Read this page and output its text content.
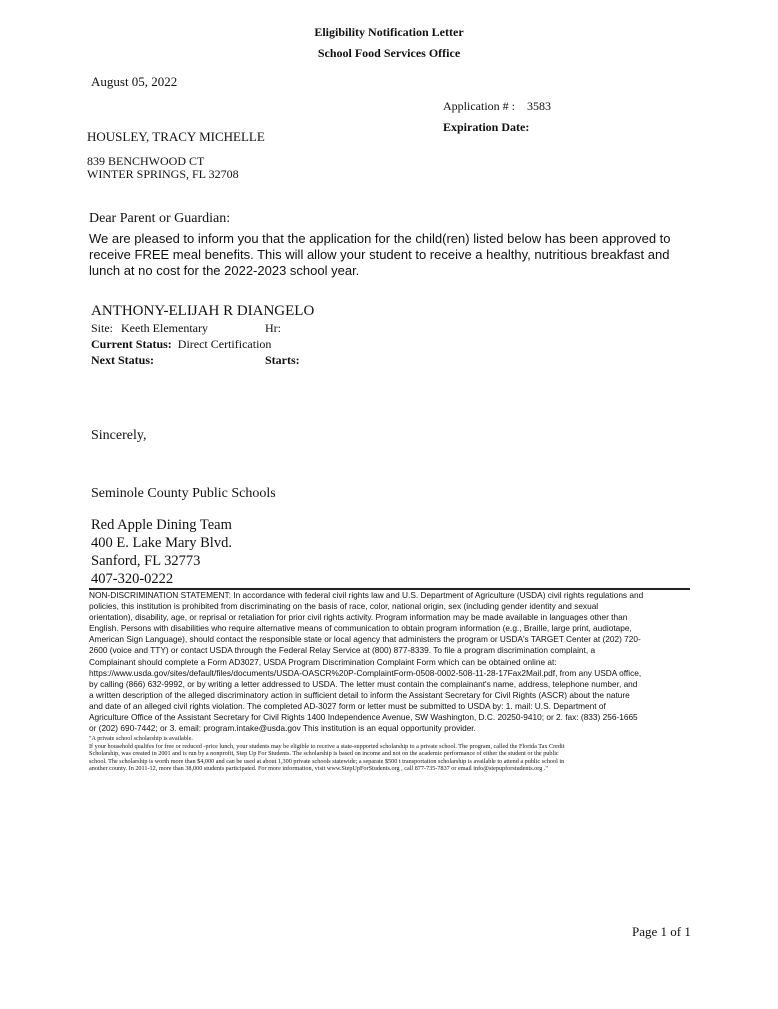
Eligibility Notification Letter
School Food Services Office
August 05, 2022
Application # : 3583
Expiration Date:
HOUSLEY, TRACY MICHELLE
839 BENCHWOOD CT
WINTER SPRINGS, FL 32708
Dear Parent or Guardian:
We are pleased to inform you that the application for the child(ren) listed below has been approved to receive FREE meal benefits. This will allow your student to receive a healthy, nutritious breakfast and lunch at no cost for the 2022-2023 school year.
ANTHONY-ELIJAH R DIANGELO
Site: Keeth Elementary	Hr:
Current Status: Direct Certification
Next Status:	Starts:
Sincerely,
Seminole County Public Schools
Red Apple Dining Team
400 E. Lake Mary Blvd.
Sanford, FL 32773
407-320-0222
NON-DISCRIMINATION STATEMENT: In accordance with federal civil rights law and U.S. Department of Agriculture (USDA) civil rights regulations and
policies, this institution is prohibited from discriminating on the basis of race, color, national origin, sex (including gender identity and sexual
orientation), disability, age, or reprisal or retaliation for prior civil rights activity. Program information may be made available in languages other than
English. Persons with disabilities who require alternative means of communication to obtain program information (e.g., Braille, large print, audiotape,
American Sign Language), should contact the responsible state or local agency that administers the program or USDA's TARGET Center at (202) 720-
2600 (voice and TTY) or contact USDA through the Federal Relay Service at (800) 877-8339. To file a program discrimination complaint, a
Complainant should complete a Form AD3027, USDA Program Discrimination Complaint Form which can be obtained online at:
https://www.usda.gov/sites/default/files/documents/USDA-OASCR%20P-ComplaintForm-0508-0002-508-11-28-17Fax2Mail.pdf, from any USDA office,
by calling (866) 632-9992, or by writing a letter addressed to USDA. The letter must contain the complainant's name, address, telephone number, and
a written description of the alleged discriminatory action in sufficient detail to inform the Assistant Secretary for Civil Rights (ASCR) about the nature
and date of an alleged civil rights violation. The completed AD-3027 form or letter must be submitted to USDA by: 1. mail: U.S. Department of
Agriculture Office of the Assistant Secretary for Civil Rights 1400 Independence Avenue, SW Washington, D.C. 20250-9410; or 2. fax: (833) 256-1665
or (202) 690-7442; or 3. email: program.intake@usda.gov This institution is an equal opportunity provider.
"A private school scholarship is available.
If your household qualifes for free or reduced -price lunch, your students may be eligible to receive a state-supported scholarship to a private school. The program, called the Florida Tax Credit
Scholarship, was created in 2001 and is run by a nonprofit, Step Up For Students. The scholarship is based on income and not on the academic performance of either the student or the public
school. The scholarship is worth more than $4,000 and can be used at about 1,300 private schools statewide; a separate $500 t transportation scholarship is available to attend a public school in
another county. In 2011-12, more than 38,000 students participated. For more information, visit www.StepUpForStudents.org , call 877-735-7837 or email info@stepupforstudents.org ."
Page 1 of 1
